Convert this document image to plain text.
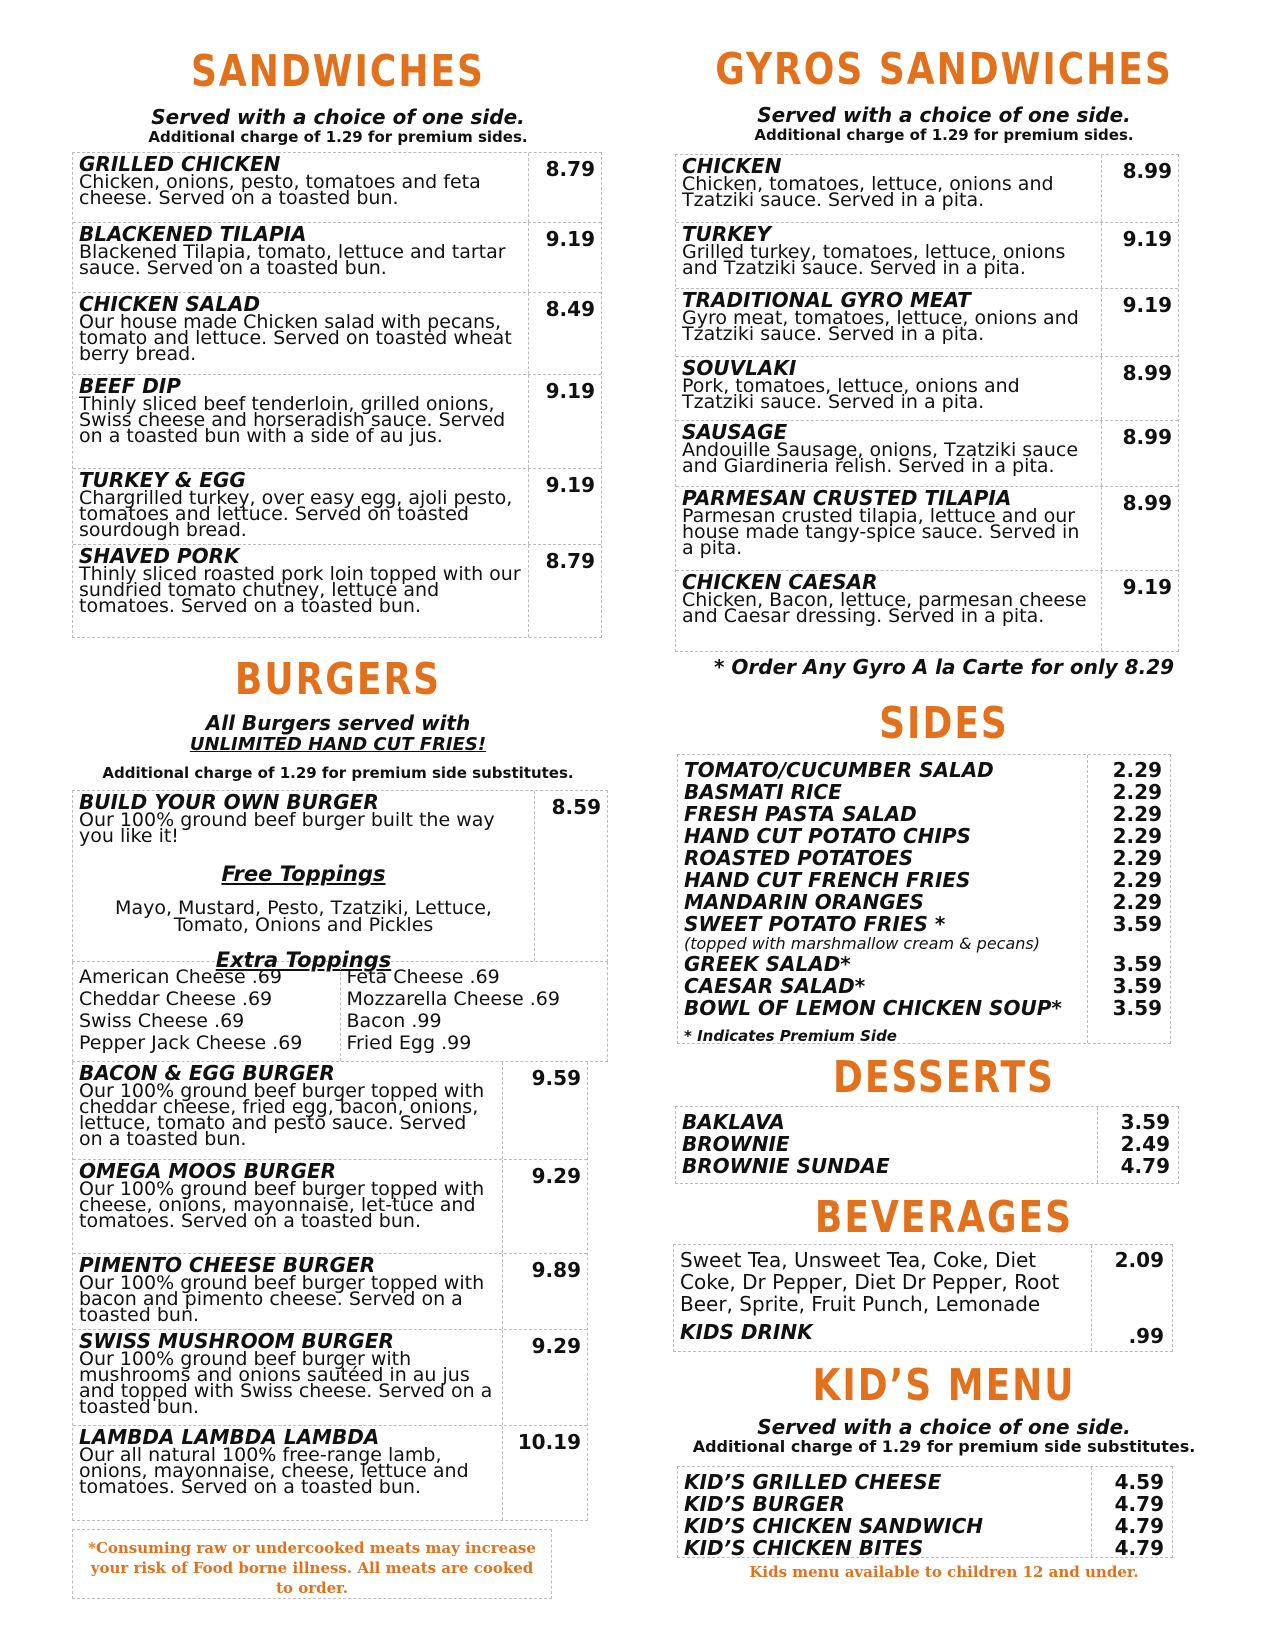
SANDWICHES
Served with a choice of one side.
Additional charge of 1.29 for premium sides.
GRILLED CHICKEN
Chicken, onions, pesto, tomatoes and feta cheese. Served on a toasted bun.
8.79
BLACKENED TILAPIA
Blackened Tilapia, tomato, lettuce and tartar sauce. Served on a toasted bun.
9.19
CHICKEN SALAD
Our house made Chicken salad with pecans, tomato and lettuce. Served on toasted wheat berry bread.
8.49
BEEF DIP
Thinly sliced beef tenderloin, grilled onions, Swiss cheese and horseradish sauce. Served on a toasted bun with a side of au jus.
9.19
TURKEY & EGG
Chargrilled turkey, over easy egg, ajoli pesto, tomatoes and lettuce. Served on toasted sourdough bread.
9.19
SHAVED PORK
Thinly sliced roasted pork loin topped with our sundried tomato chutney, lettuce and tomatoes. Served on a toasted bun.
8.79
BURGERS
All Burgers served with
UNLIMITED HAND CUT FRIES!
Additional charge of 1.29 for premium side substitutes.
BUILD YOUR OWN BURGER
Our 100% ground beef burger built the way you like it!
Free Toppings
Mayo, Mustard, Pesto, Tzatziki, Lettuce, Tomato, Onions and Pickles
Extra Toppings
8.59
American Cheese .69
Cheddar Cheese .69
Swiss Cheese .69
Pepper Jack Cheese .69
Feta Cheese .69
Mozzarella Cheese .69
Bacon .99
Fried Egg .99
BACON & EGG BURGER
Our 100% ground beef burger topped with cheddar cheese, fried egg, bacon, onions, lettuce, tomato and pesto sauce. Served on a toasted bun.
9.59
OMEGA MOOS BURGER
Our 100% ground beef burger topped with cheese, onions, mayonnaise, let-tuce and tomatoes. Served on a toasted bun.
9.29
PIMENTO CHEESE BURGER
Our 100% ground beef burger topped with bacon and pimento cheese. Served on a toasted bun.
9.89
SWISS MUSHROOM BURGER
Our 100% ground beef burger with mushrooms and onions sautéed in au jus and topped with Swiss cheese. Served on a toasted bun.
9.29
LAMBDA LAMBDA LAMBDA
Our all natural 100% free-range lamb, onions, mayonnaise, cheese, lettuce and tomatoes. Served on a toasted bun.
10.19
*Consuming raw or undercooked meats may increase your risk of Food borne illness. All meats are cooked to order.
GYROS SANDWICHES
Served with a choice of one side.
Additional charge of 1.29 for premium sides.
CHICKEN
Chicken, tomatoes, lettuce, onions and Tzatziki sauce. Served in a pita.
8.99
TURKEY
Grilled turkey, tomatoes, lettuce, onions and Tzatziki sauce. Served in a pita.
9.19
TRADITIONAL GYRO MEAT
Gyro meat, tomatoes, lettuce, onions and Tzatziki sauce. Served in a pita.
9.19
SOUVLAKI
Pork, tomatoes, lettuce, onions and Tzatziki sauce. Served in a pita.
8.99
SAUSAGE
Andouille Sausage, onions, Tzatziki sauce and Giardineria relish. Served in a pita.
8.99
PARMESAN CRUSTED TILAPIA
Parmesan crusted tilapia, lettuce and our house made tangy-spice sauce. Served in a pita.
8.99
CHICKEN CAESAR
Chicken, Bacon, lettuce, parmesan cheese and Caesar dressing. Served in a pita.
9.19
* Order Any Gyro A la Carte for only 8.29
SIDES
TOMATO/CUCUMBER SALAD
BASMATI RICE
FRESH PASTA SALAD
HAND CUT POTATO CHIPS
ROASTED POTATOES
HAND CUT FRENCH FRIES
MANDARIN ORANGES
SWEET POTATO FRIES *
(topped with marshmallow cream & pecans)
GREEK SALAD*
CAESAR SALAD*
BOWL OF LEMON CHICKEN SOUP*
* Indicates Premium Side
2.29
2.29
2.29
2.29
2.29
2.29
2.29
3.59
3.59
3.59
3.59
DESSERTS
BAKLAVA
BROWNIE
BROWNIE SUNDAE
3.59
2.49
4.79
BEVERAGES
Sweet Tea, Unsweet Tea, Coke, Diet Coke, Dr Pepper, Diet Dr Pepper, Root Beer, Sprite, Fruit Punch, Lemonade
KIDS DRINK
2.09
.99
KID’S MENU
Served with a choice of one side.
Additional charge of 1.29 for premium side substitutes.
KID’S GRILLED CHEESE
KID’S BURGER
KID’S CHICKEN SANDWICH
KID’S CHICKEN BITES
4.59
4.79
4.79
4.79
Kids menu available to children 12 and under.
